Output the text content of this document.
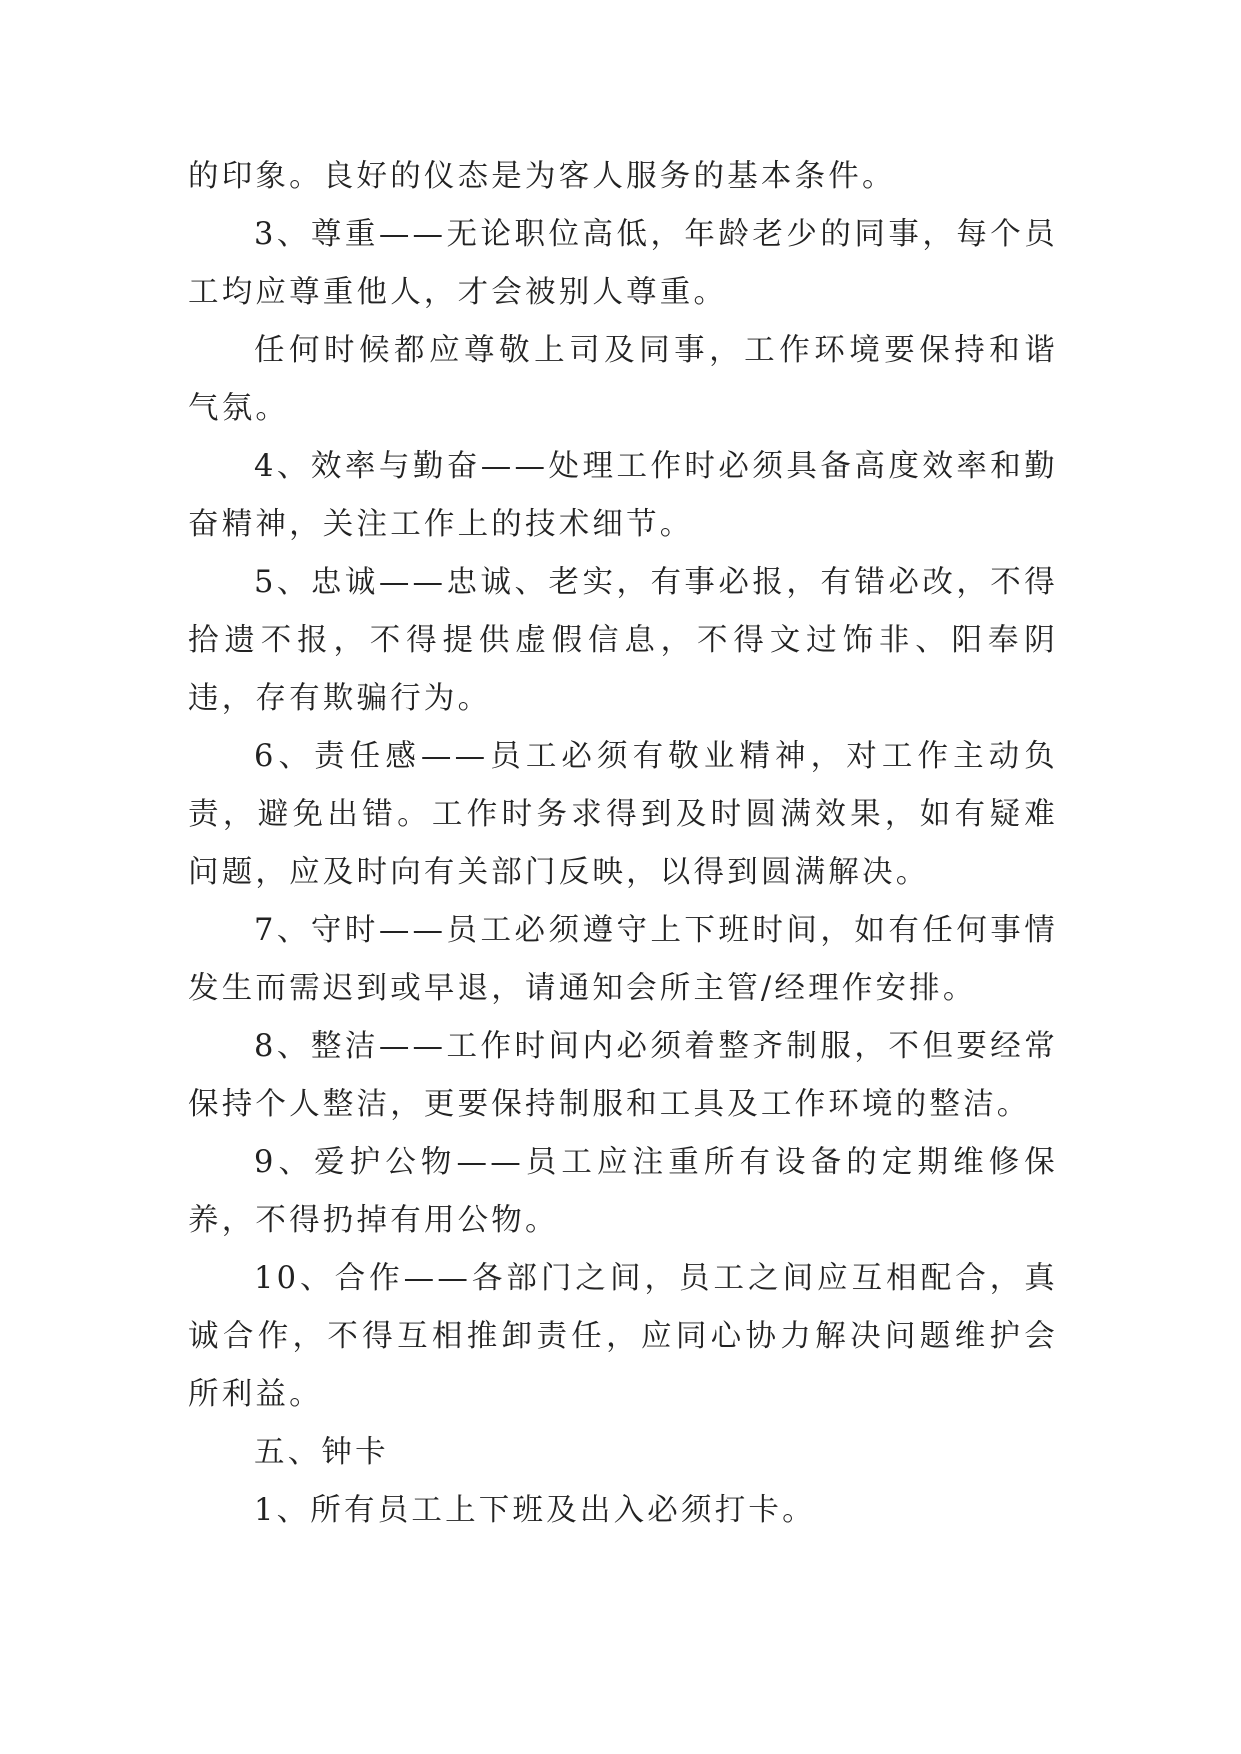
的印象。良好的仪态是为客人服务的基本条件。

3、尊重——无论职位高低，年龄老少的同事，每个员工均应尊重他人，才会被别人尊重。

任何时候都应尊敬上司及同事，工作环境要保持和谐气氛。

4、效率与勤奋——处理工作时必须具备高度效率和勤奋精神，关注工作上的技术细节。

5、忠诚——忠诚、老实，有事必报，有错必改，不得拾遗不报，不得提供虚假信息，不得文过饰非、阳奉阴违，存有欺骗行为。

6、责任感——员工必须有敬业精神，对工作主动负责，避免出错。工作时务求得到及时圆满效果，如有疑难问题，应及时向有关部门反映，以得到圆满解决。

7、守时——员工必须遵守上下班时间，如有任何事情发生而需迟到或早退，请通知会所主管/经理作安排。

8、整洁——工作时间内必须着整齐制服，不但要经常保持个人整洁，更要保持制服和工具及工作环境的整洁。

9、爱护公物——员工应注重所有设备的定期维修保养，不得扔掉有用公物。

10、合作——各部门之间，员工之间应互相配合，真诚合作，不得互相推卸责任，应同心协力解决问题维护会所利益。

五、钟卡

1、所有员工上下班及出入必须打卡。
